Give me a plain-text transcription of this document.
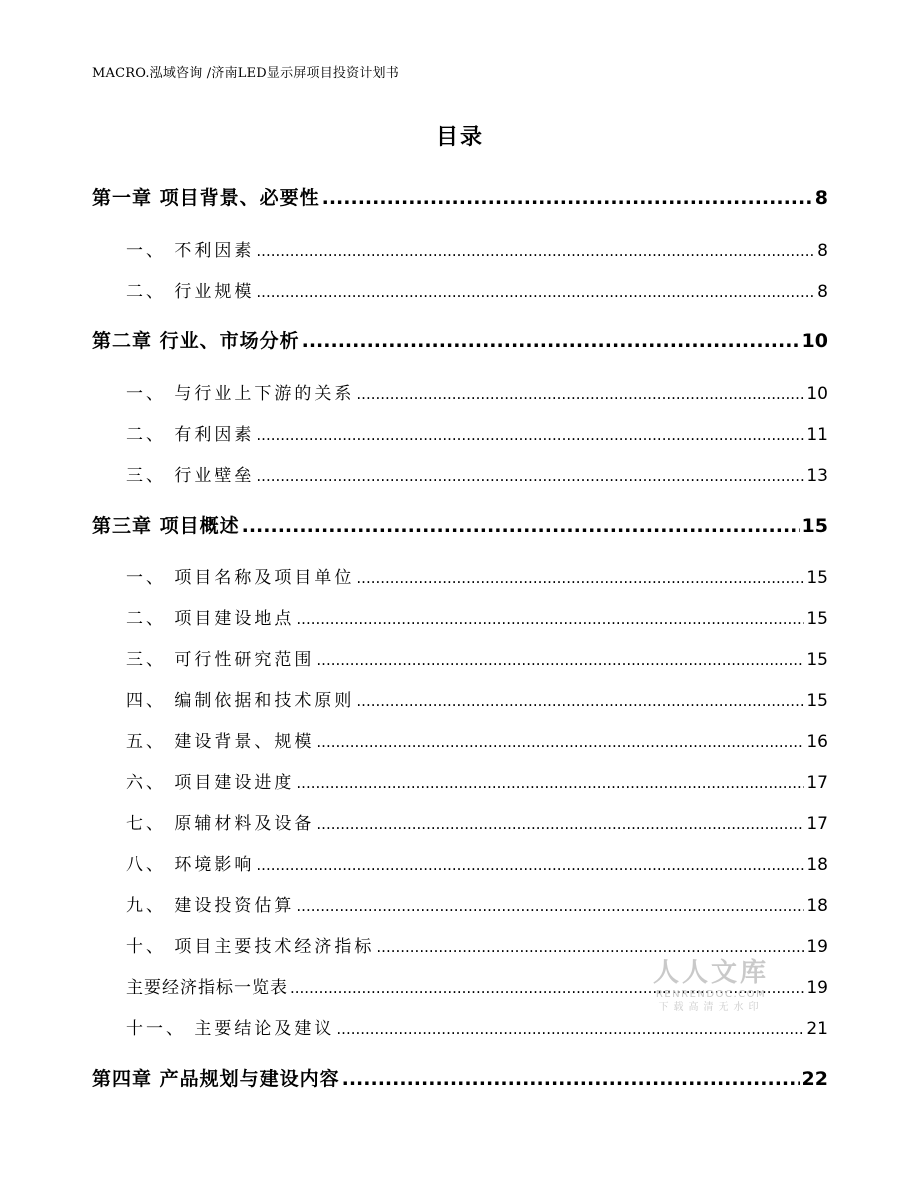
MACRO.泓域咨询 /济南LED显示屏项目投资计划书
目录
第一章 项目背景、必要性 .....	8
一、 不利因素 .....	8
二、 行业规模 .....	8
第二章 行业、市场分析 .....	10
一、 与行业上下游的关系 .....	10
二、 有利因素 .....	11
三、 行业壁垒 .....	13
第三章 项目概述 .....	15
一、 项目名称及项目单位 .....	15
二、 项目建设地点 .....	15
三、 可行性研究范围 .....	15
四、 编制依据和技术原则 .....	15
五、 建设背景、规模 .....	16
六、 项目建设进度 .....	17
七、 原辅材料及设备 .....	17
八、 环境影响 .....	18
九、 建设投资估算 .....	18
十、 项目主要技术经济指标 .....	19
主要经济指标一览表 .....	19
十一、 主要结论及建议 .....	21
第四章 产品规划与建设内容 .....	22
人人文库
RENRENDOC.COM
下载高清无水印
